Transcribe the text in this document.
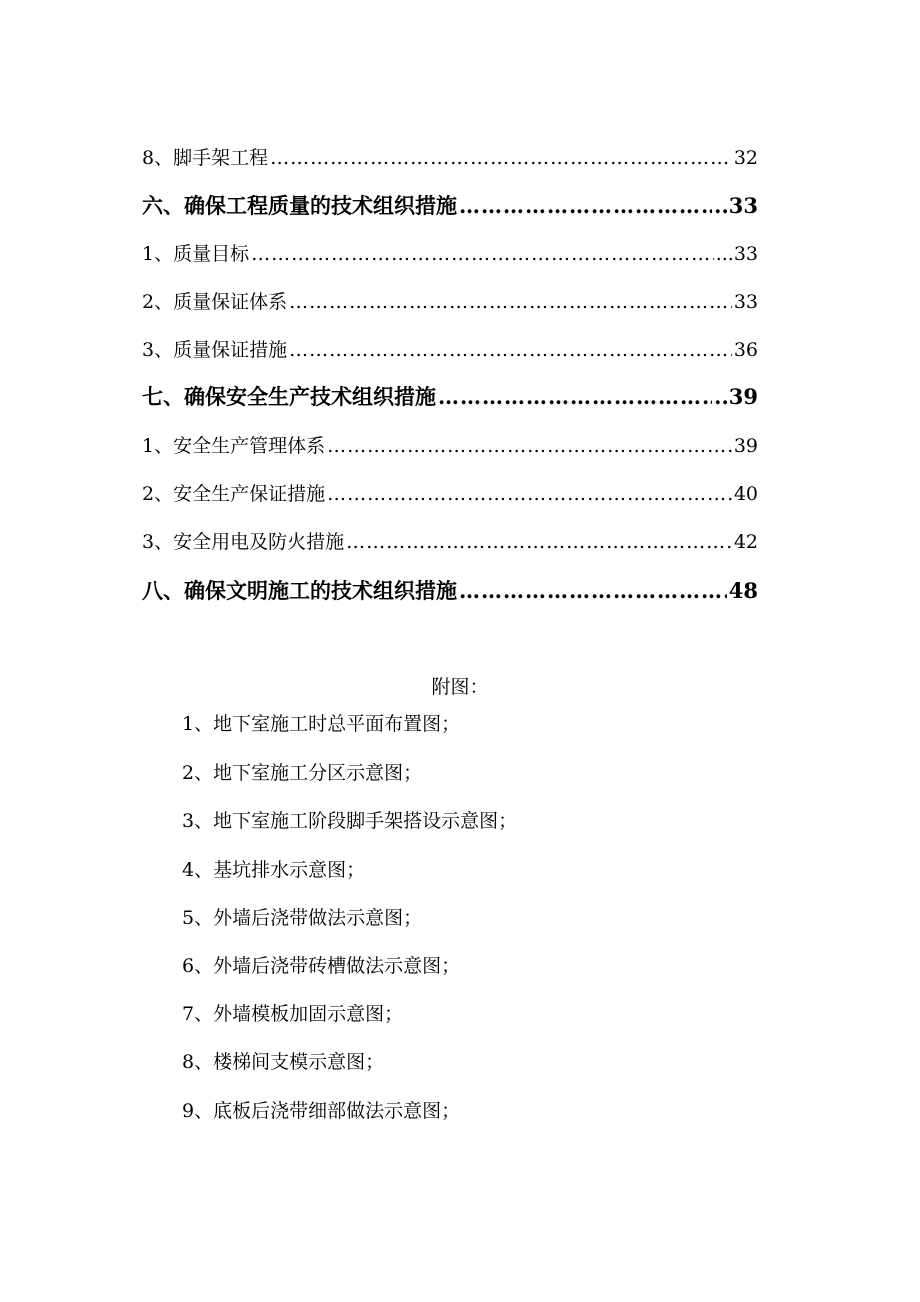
8、脚手架工程 ……………………………………………………………………………………………………………………………………	32
六、确保工程质量的技术组织措施 ……………………………………………………………………………………………………………………………………	..33
1、质量目标 ……………………………………………………………………………………………………………………………………	...33
2、质量保证体系 ……………………………………………………………………………………………………………………………………	33
3、质量保证措施 ……………………………………………………………………………………………………………………………………	36
七、确保安全生产技术组织措施 ……………………………………………………………………………………………………………………………………	..39
1、安全生产管理体系 ……………………………………………………………………………………………………………………………………	39
2、安全生产保证措施 ……………………………………………………………………………………………………………………………………	40
3、安全用电及防火措施 ……………………………………………………………………………………………………………………………………	42
八、确保文明施工的技术组织措施 ……………………………………………………………………………………………………………………………………	48
附图：
1、地下室施工时总平面布置图；
2、地下室施工分区示意图；
3、地下室施工阶段脚手架搭设示意图；
4、基坑排水示意图；
5、外墙后浇带做法示意图；
6、外墙后浇带砖槽做法示意图；
7、外墙模板加固示意图；
8、楼梯间支模示意图；
9、底板后浇带细部做法示意图；
